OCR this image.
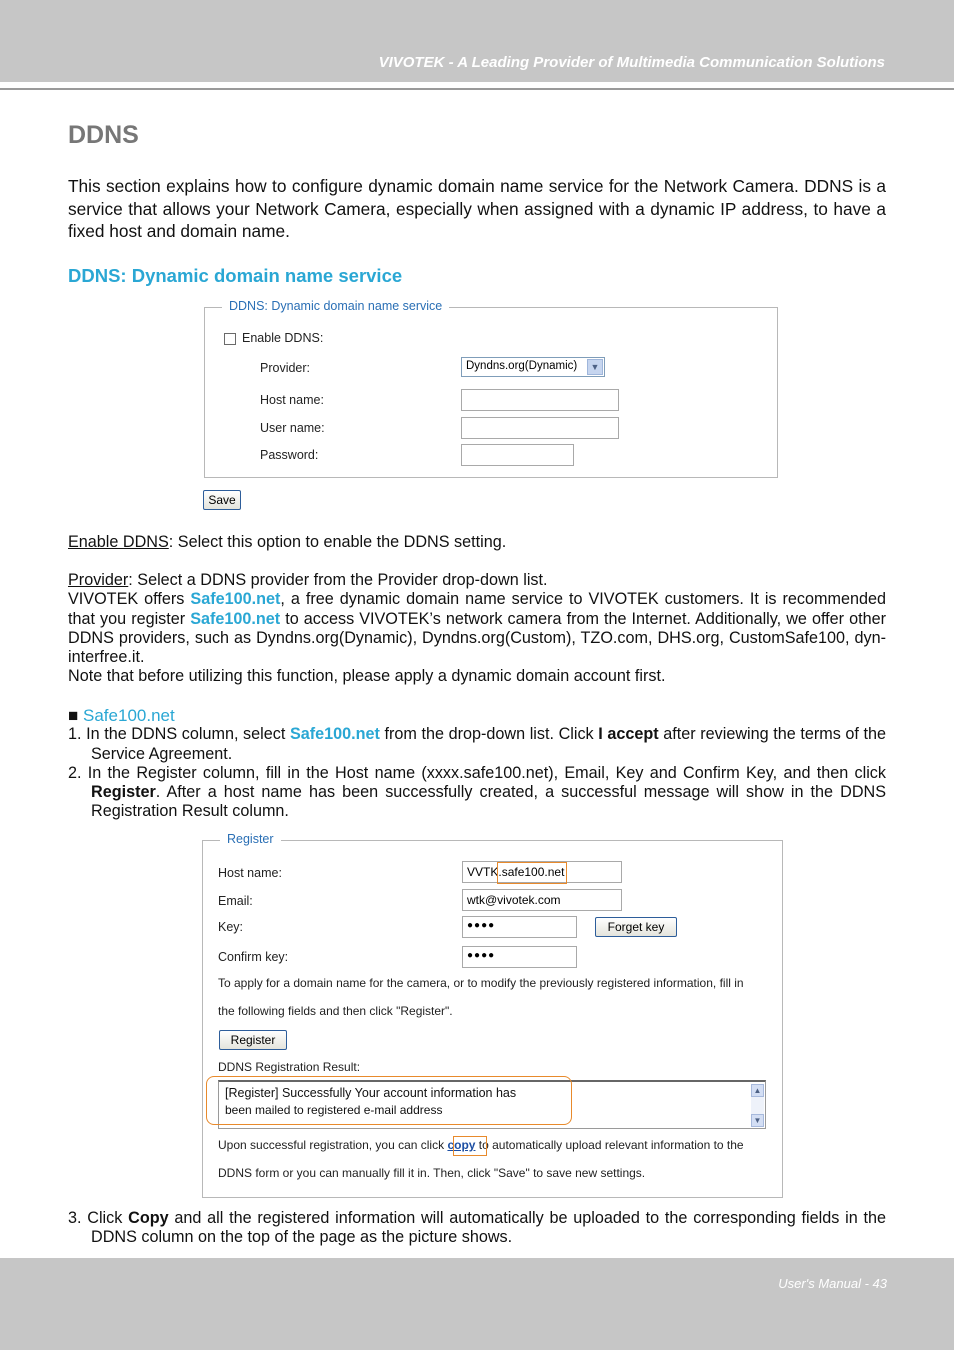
VIVOTEK - A Leading Provider of Multimedia Communication Solutions
DDNS
This section explains how to configure dynamic domain name service for the Network Camera. DDNS is a service that allows your Network Camera, especially when assigned with a dynamic IP address, to have a fixed host and domain name.
DDNS: Dynamic domain name service
DDNS: Dynamic domain name service
Enable DDNS:
Provider:	Dyndns.org(Dynamic)	▼
Host name:
User name:
Password:
Save
Enable DDNS: Select this option to enable the DDNS setting.
Provider: Select a DDNS provider from the Provider drop-down list.
VIVOTEK offers Safe100.net, a free dynamic domain name service to VIVOTEK customers. It is recommended that you register Safe100.net to access VIVOTEK’s network camera from the Internet. Additionally, we offer other DDNS providers, such as Dyndns.org(Dynamic), Dyndns.org(Custom), TZO.com, DHS.org, CustomSafe100, dyn-interfree.it.
Note that before utilizing this function, please apply a dynamic domain account first.
■ Safe100.net
1. In the DDNS column, select Safe100.net from the drop-down list. Click I accept after reviewing the terms of the Service Agreement.
2. In the Register column, fill in the Host name (xxxx.safe100.net), Email, Key and Confirm Key, and then click Register. After a host name has been successfully created, a successful message will show in the DDNS Registration Result column.
Register
Host name:	VVTK.safe100.net
Email:	wtk@vivotek.com
Key:	●●●●	Forget key
Confirm key:	●●●●
To apply for a domain name for the camera, or to modify the previously registered information, fill in
the following fields and then click "Register".
Register
DDNS Registration Result:
▲
▼
[Register] Successfully Your account information has
been mailed to registered e-mail address
Upon successful registration, you can click copy to automatically upload relevant information to the
DDNS form or you can manually fill it in. Then, click "Save" to save new settings.
3. Click Copy and all the registered information will automatically be uploaded to the corresponding fields in the DDNS column on the top of the page as the picture shows.
User's Manual - 43
